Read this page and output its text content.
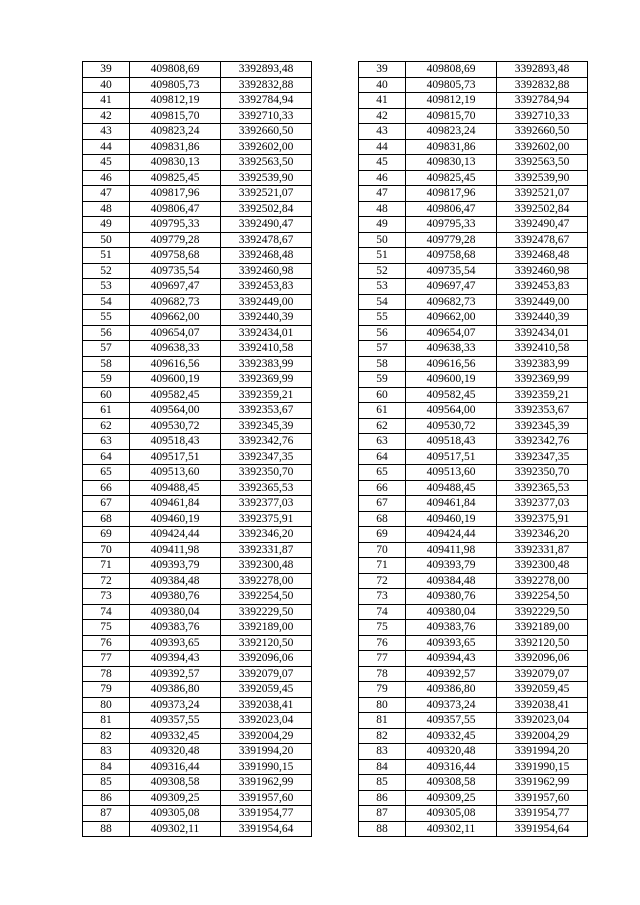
39	409808,69	3392893,48		39	409808,69	3392893,48
40	409805,73	3392832,88		40	409805,73	3392832,88
41	409812,19	3392784,94		41	409812,19	3392784,94
42	409815,70	3392710,33		42	409815,70	3392710,33
43	409823,24	3392660,50		43	409823,24	3392660,50
44	409831,86	3392602,00		44	409831,86	3392602,00
45	409830,13	3392563,50		45	409830,13	3392563,50
46	409825,45	3392539,90		46	409825,45	3392539,90
47	409817,96	3392521,07		47	409817,96	3392521,07
48	409806,47	3392502,84		48	409806,47	3392502,84
49	409795,33	3392490,47		49	409795,33	3392490,47
50	409779,28	3392478,67		50	409779,28	3392478,67
51	409758,68	3392468,48		51	409758,68	3392468,48
52	409735,54	3392460,98		52	409735,54	3392460,98
53	409697,47	3392453,83		53	409697,47	3392453,83
54	409682,73	3392449,00		54	409682,73	3392449,00
55	409662,00	3392440,39		55	409662,00	3392440,39
56	409654,07	3392434,01		56	409654,07	3392434,01
57	409638,33	3392410,58		57	409638,33	3392410,58
58	409616,56	3392383,99		58	409616,56	3392383,99
59	409600,19	3392369,99		59	409600,19	3392369,99
60	409582,45	3392359,21		60	409582,45	3392359,21
61	409564,00	3392353,67		61	409564,00	3392353,67
62	409530,72	3392345,39		62	409530,72	3392345,39
63	409518,43	3392342,76		63	409518,43	3392342,76
64	409517,51	3392347,35		64	409517,51	3392347,35
65	409513,60	3392350,70		65	409513,60	3392350,70
66	409488,45	3392365,53		66	409488,45	3392365,53
67	409461,84	3392377,03		67	409461,84	3392377,03
68	409460,19	3392375,91		68	409460,19	3392375,91
69	409424,44	3392346,20		69	409424,44	3392346,20
70	409411,98	3392331,87		70	409411,98	3392331,87
71	409393,79	3392300,48		71	409393,79	3392300,48
72	409384,48	3392278,00		72	409384,48	3392278,00
73	409380,76	3392254,50		73	409380,76	3392254,50
74	409380,04	3392229,50		74	409380,04	3392229,50
75	409383,76	3392189,00		75	409383,76	3392189,00
76	409393,65	3392120,50		76	409393,65	3392120,50
77	409394,43	3392096,06		77	409394,43	3392096,06
78	409392,57	3392079,07		78	409392,57	3392079,07
79	409386,80	3392059,45		79	409386,80	3392059,45
80	409373,24	3392038,41		80	409373,24	3392038,41
81	409357,55	3392023,04		81	409357,55	3392023,04
82	409332,45	3392004,29		82	409332,45	3392004,29
83	409320,48	3391994,20		83	409320,48	3391994,20
84	409316,44	3391990,15		84	409316,44	3391990,15
85	409308,58	3391962,99		85	409308,58	3391962,99
86	409309,25	3391957,60		86	409309,25	3391957,60
87	409305,08	3391954,77		87	409305,08	3391954,77
88	409302,11	3391954,64		88	409302,11	3391954,64
